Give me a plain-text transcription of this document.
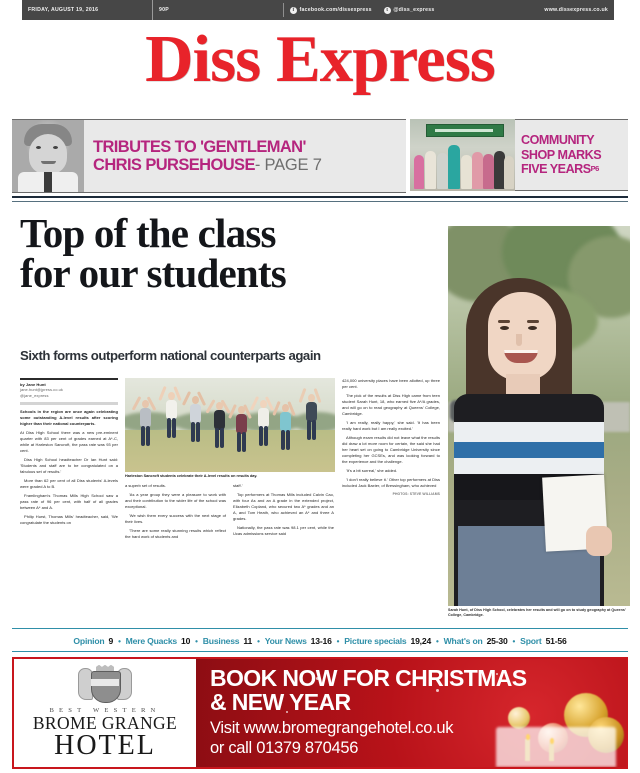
FRIDAY, AUGUST 19, 2016	90P	f facebook.com/dissexpress	t @diss_express	www.dissexpress.co.uk
Diss Express
TRIBUTES TO 'GENTLEMAN'
CHRIS PURSEHOUSE- PAGE 7
COMMUNITY
SHOP MARKS
FIVE YEARSP6
Top of the class
for our students
Sixth forms outperform national counterparts again
Sarah Hunt, of Diss High School, celebrates her results and will go on to study geography at Queens' College, Cambridge.
by Jane Hunt
jane.hunt@jpress.co.uk
@jane_express
Schools in the region are once again celebrating some outstanding A-level results after scoring higher than their national counterparts.
At Diss High School there was a new pre-eminent quarter with 83 per cent of grades earned at A*-C, while at Harleston Sancroft, the pass rate was 93 per cent.
Diss High School headteacher Dr Ian Hunt said: 'Students and staff are to be congratulated on a fabulous set of results.'
More than 62 per cent of all Diss students' A-levels were graded A to B.
Framlingham's Thomas Mills High School saw a pass rate of 96 per cent, with half of all grades between A* and A.
Philip Hurst, Thomas Mills' headteacher, said, 'We congratulate the students on
Harleston Sancroft students celebrate their A-level results on results day.
a superb set of results.
'As a year group they were a pleasure to work with and their contribution to the wider life of the school was exceptional.
'We wish them every success with the next stage of their lives.
'There are some really stunning results which reflect the hard work of students and
staff.'
Top performers at Thomas Mills included Calvin Cao, with four As and an A grade in the extended project, Elizabeth Copland, who secured two A* grades and an A, and Tom Heath, who achieved an A* and three A grades.
Nationally, the pass rate was 98.1 per cent, while the Ucas admissions service said
424,000 university places have been allotted, up three per cent.
The pick of the results at Diss High came from teen student Sarah Hunt, 18, who earned five A*/A grades, and will go on to read geography at Queens' College, Cambridge.
'I am really, really happy,' she said. 'It has been really hard work but I am really excited.'
Although exam results did not leave what the results did draw a lot more room for certain, the said she had her heart set on going to Cambridge University since completing her GCSEs, and was looking forward to the experience and the challenge.
'It's a bit surreal,' she added.
'I don't really believe it.' Other top performers at Diss included Jack Baxter, of Bressingham, who achieved
PHOTOS: STEVE WILLIAMS
Opinion 9 • Mere Quacks 10 • Business 11 • Your News 13-16 • Picture specials 19,24 • What's on 25-30 • Sport 51-56
BEST WESTERN
BROME GRANGE
HOTEL
BOOK NOW FOR CHRISTMAS
& NEW YEAR
Visit www.bromegrangehotel.co.uk
or call 01379 870456
